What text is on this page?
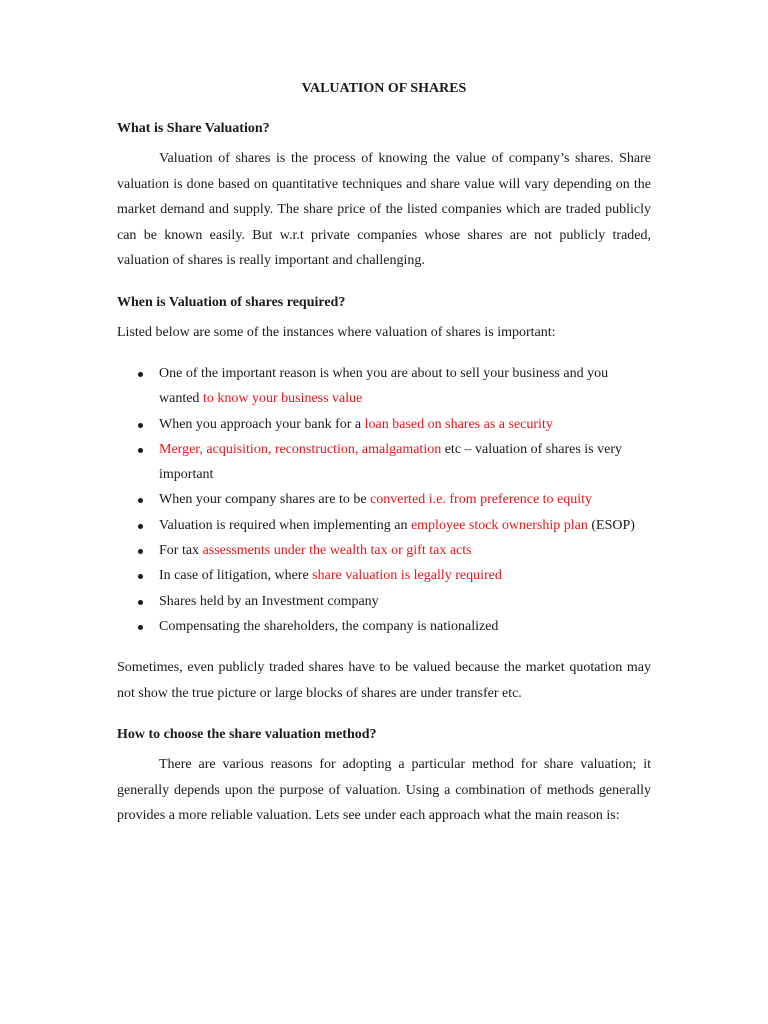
VALUATION OF SHARES
What is Share Valuation?

Valuation of shares is the process of knowing the value of company’s shares. Share valuation is done based on quantitative techniques and share value will vary depending on the market demand and supply. The share price of the listed companies which are traded publicly can be known easily. But w.r.t private companies whose shares are not publicly traded, valuation of shares is really important and challenging.

When is Valuation of shares required?

Listed below are some of the instances where valuation of shares is important:

One of the important reason is when you are about to sell your business and you wanted to know your business value
When you approach your bank for a loan based on shares as a security
Merger, acquisition, reconstruction, amalgamation etc – valuation of shares is very important
When your company shares are to be converted i.e. from preference to equity
Valuation is required when implementing an employee stock ownership plan (ESOP)
For tax assessments under the wealth tax or gift tax acts
In case of litigation, where share valuation is legally required
Shares held by an Investment company
Compensating the shareholders, the company is nationalized

Sometimes, even publicly traded shares have to be valued because the market quotation may not show the true picture or large blocks of shares are under transfer etc.

How to choose the share valuation method?

There are various reasons for adopting a particular method for share valuation; it generally depends upon the purpose of valuation. Using a combination of methods generally provides a more reliable valuation. Lets see under each approach what the main reason is:
